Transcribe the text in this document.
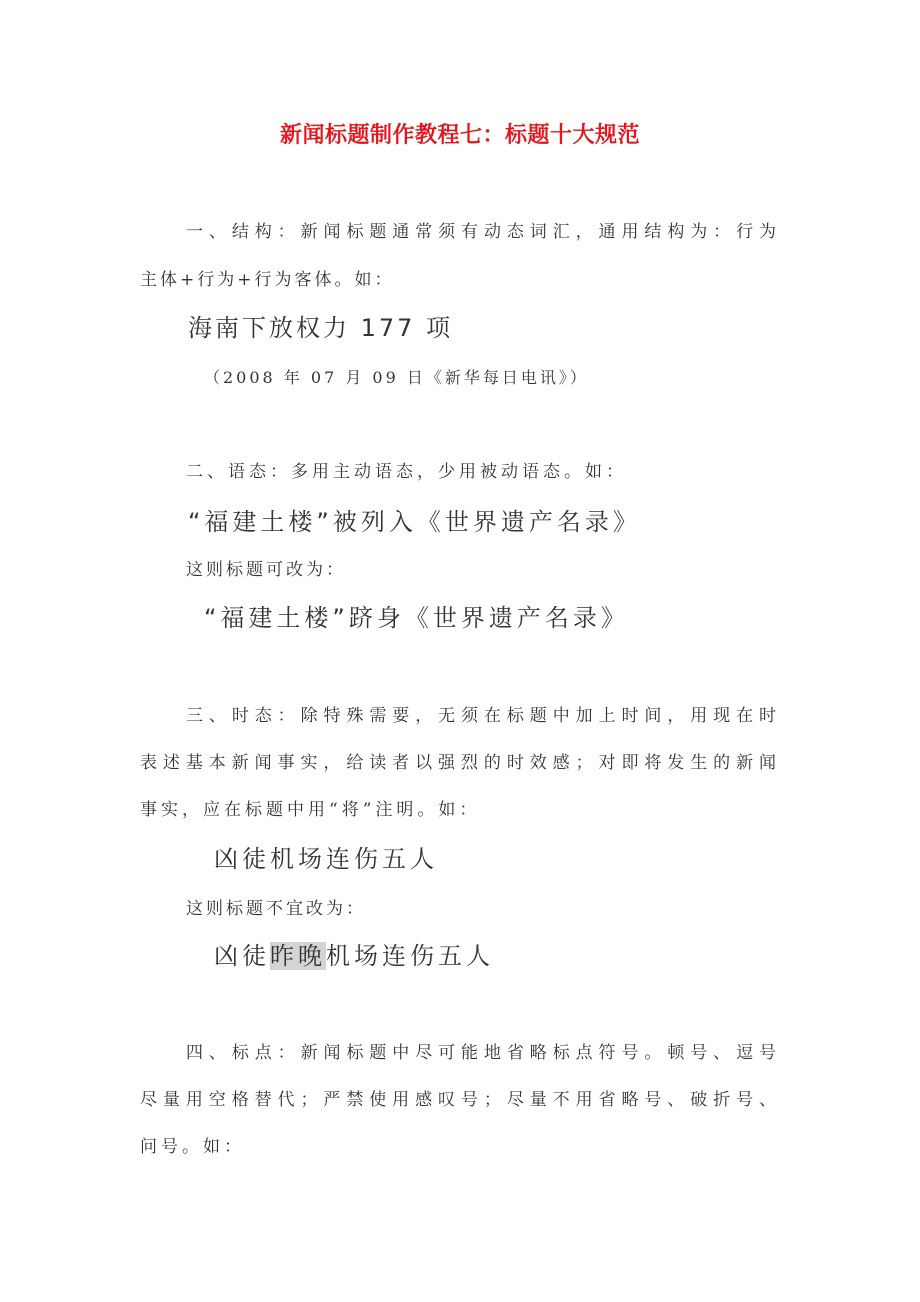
新闻标题制作教程七：标题十大规范
一、结构：新闻标题通常须有动态词汇，通用结构为：行为
主体+行为+行为客体。如：
海南下放权力 177 项
（2008 年 07 月 09 日《新华每日电讯》）
二、语态：多用主动语态，少用被动语态。如：
“福建土楼”被列入《世界遗产名录》
这则标题可改为：
“福建土楼”跻身《世界遗产名录》
三、时态：除特殊需要，无须在标题中加上时间，用现在时
表述基本新闻事实，给读者以强烈的时效感；对即将发生的新闻
事实，应在标题中用“将”注明。如：
凶徒机场连伤五人
这则标题不宜改为：
凶徒昨晚机场连伤五人
四、标点：新闻标题中尽可能地省略标点符号。顿号、逗号
尽量用空格替代；严禁使用感叹号；尽量不用省略号、破折号、
问号。如：
